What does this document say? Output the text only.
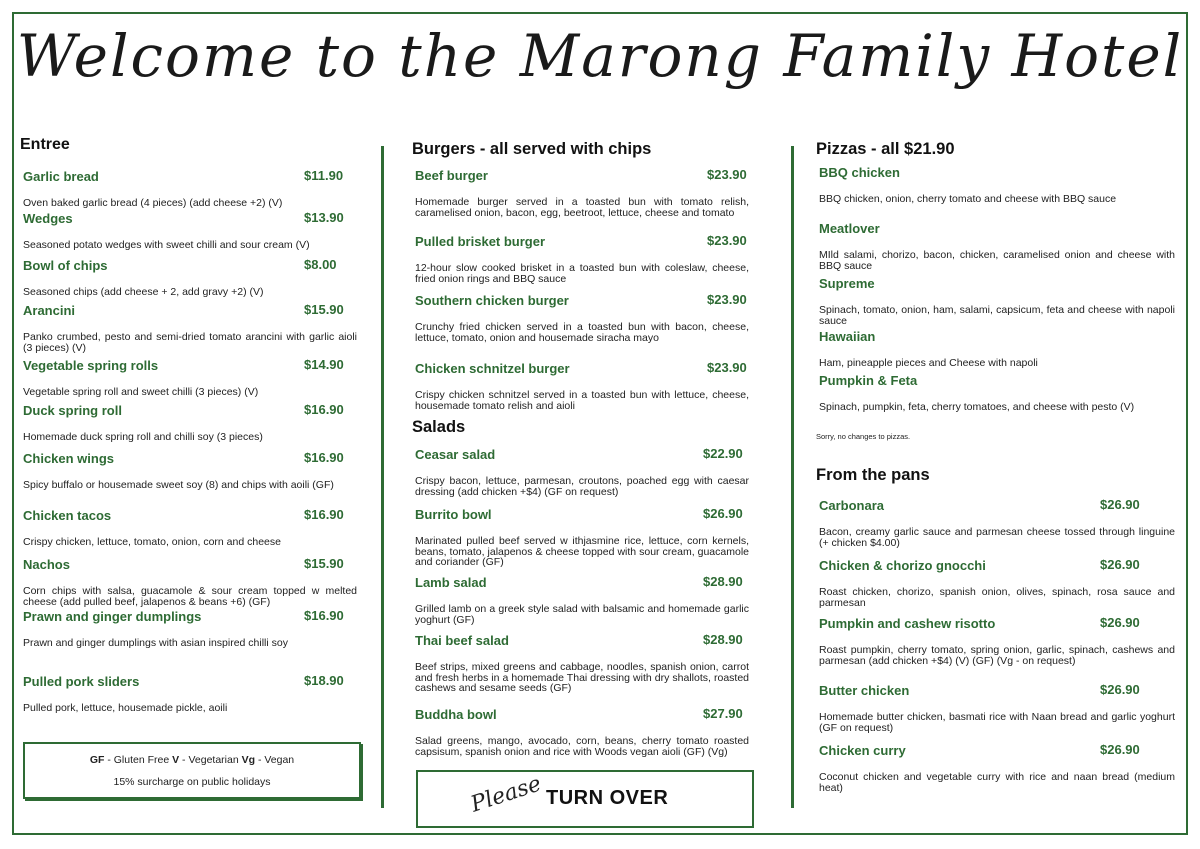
Welcome to the Marong Family Hotel
Entree
Garlic bread	$11.90
Oven baked garlic bread (4 pieces) (add cheese +2) (V)
Wedges	$13.90
Seasoned potato wedges with sweet chilli and sour cream (V)
Bowl of chips	$8.00
Seasoned chips (add cheese + 2, add gravy +2) (V)
Arancini	$15.90
Panko crumbed, pesto and semi-dried tomato arancini with garlic aioli (3 pieces) (V)
Vegetable spring rolls	$14.90
Vegetable spring roll and sweet chilli (3 pieces) (V)
Duck spring roll	$16.90
Homemade duck spring roll and chilli soy (3 pieces)
Chicken wings	$16.90
Spicy buffalo or housemade sweet soy (8) and chips with aoili (GF)
Chicken tacos	$16.90
Crispy chicken, lettuce, tomato, onion, corn and cheese
Nachos	$15.90
Corn chips with salsa, guacamole & sour cream topped w melted cheese (add pulled beef, jalapenos & beans +6) (GF)
Prawn and ginger dumplings	$16.90
Prawn and ginger dumplings with asian inspired chilli soy
Pulled pork sliders	$18.90
Pulled pork, lettuce, housemade pickle, aoili
GF - Gluten Free V - Vegetarian Vg - Vegan
15% surcharge on public holidays
Burgers - all served with chips
Beef burger	$23.90
Homemade burger served in a toasted bun with tomato relish, caramelised onion, bacon, egg, beetroot, lettuce, cheese and tomato
Pulled brisket burger	$23.90
12-hour slow cooked brisket in a toasted bun with coleslaw, cheese, fried onion rings and BBQ sauce
Southern chicken burger	$23.90
Crunchy fried chicken served in a toasted bun with bacon, cheese, lettuce, tomato, onion and housemade siracha mayo
Chicken schnitzel burger	$23.90
Crispy chicken schnitzel served in a toasted bun with lettuce, cheese, housemade tomato relish and aioli
Salads
Ceasar salad	$22.90
Crispy bacon, lettuce, parmesan, croutons, poached egg with caesar dressing (add chicken +$4) (GF on request)
Burrito bowl	$26.90
Marinated pulled beef served w ithjasmine rice, lettuce, corn kernels, beans, tomato, jalapenos & cheese topped with sour cream, guacamole and coriander (GF)
Lamb salad	$28.90
Grilled lamb on a greek style salad with balsamic and homemade garlic yoghurt (GF)
Thai beef salad	$28.90
Beef strips, mixed greens and cabbage, noodles, spanish onion, carrot and fresh herbs in a homemade Thai dressing with dry shallots, roasted cashews and sesame seeds (GF)
Buddha bowl	$27.90
Salad greens, mango, avocado, corn, beans, cherry tomato roasted capsisum, spanish onion and rice with Woods vegan aioli (GF) (Vg)
Please TURN OVER
Pizzas - all $21.90
BBQ chicken
BBQ chicken, onion, cherry tomato and cheese with BBQ sauce
Meatlover
MIld salami, chorizo, bacon, chicken, caramelised onion and cheese with BBQ sauce
Supreme
Spinach, tomato, onion, ham, salami, capsicum, feta and cheese with napoli sauce
Hawaiian
Ham, pineapple pieces and Cheese with napoli
Pumpkin & Feta
Spinach, pumpkin, feta, cherry tomatoes, and cheese with pesto (V)
Sorry, no changes to pizzas.
From the pans
Carbonara	$26.90
Bacon, creamy garlic sauce and parmesan cheese tossed through linguine (+ chicken $4.00)
Chicken & chorizo gnocchi	$26.90
Roast chicken, chorizo, spanish onion, olives, spinach, rosa sauce and parmesan
Pumpkin and cashew risotto	$26.90
Roast pumpkin, cherry tomato, spring onion, garlic, spinach, cashews and parmesan (add chicken +$4) (V) (GF) (Vg - on request)
Butter chicken	$26.90
Homemade butter chicken, basmati rice with Naan bread and garlic yoghurt (GF on request)
Chicken curry	$26.90
Coconut chicken and vegetable curry with rice and naan bread (medium heat)
